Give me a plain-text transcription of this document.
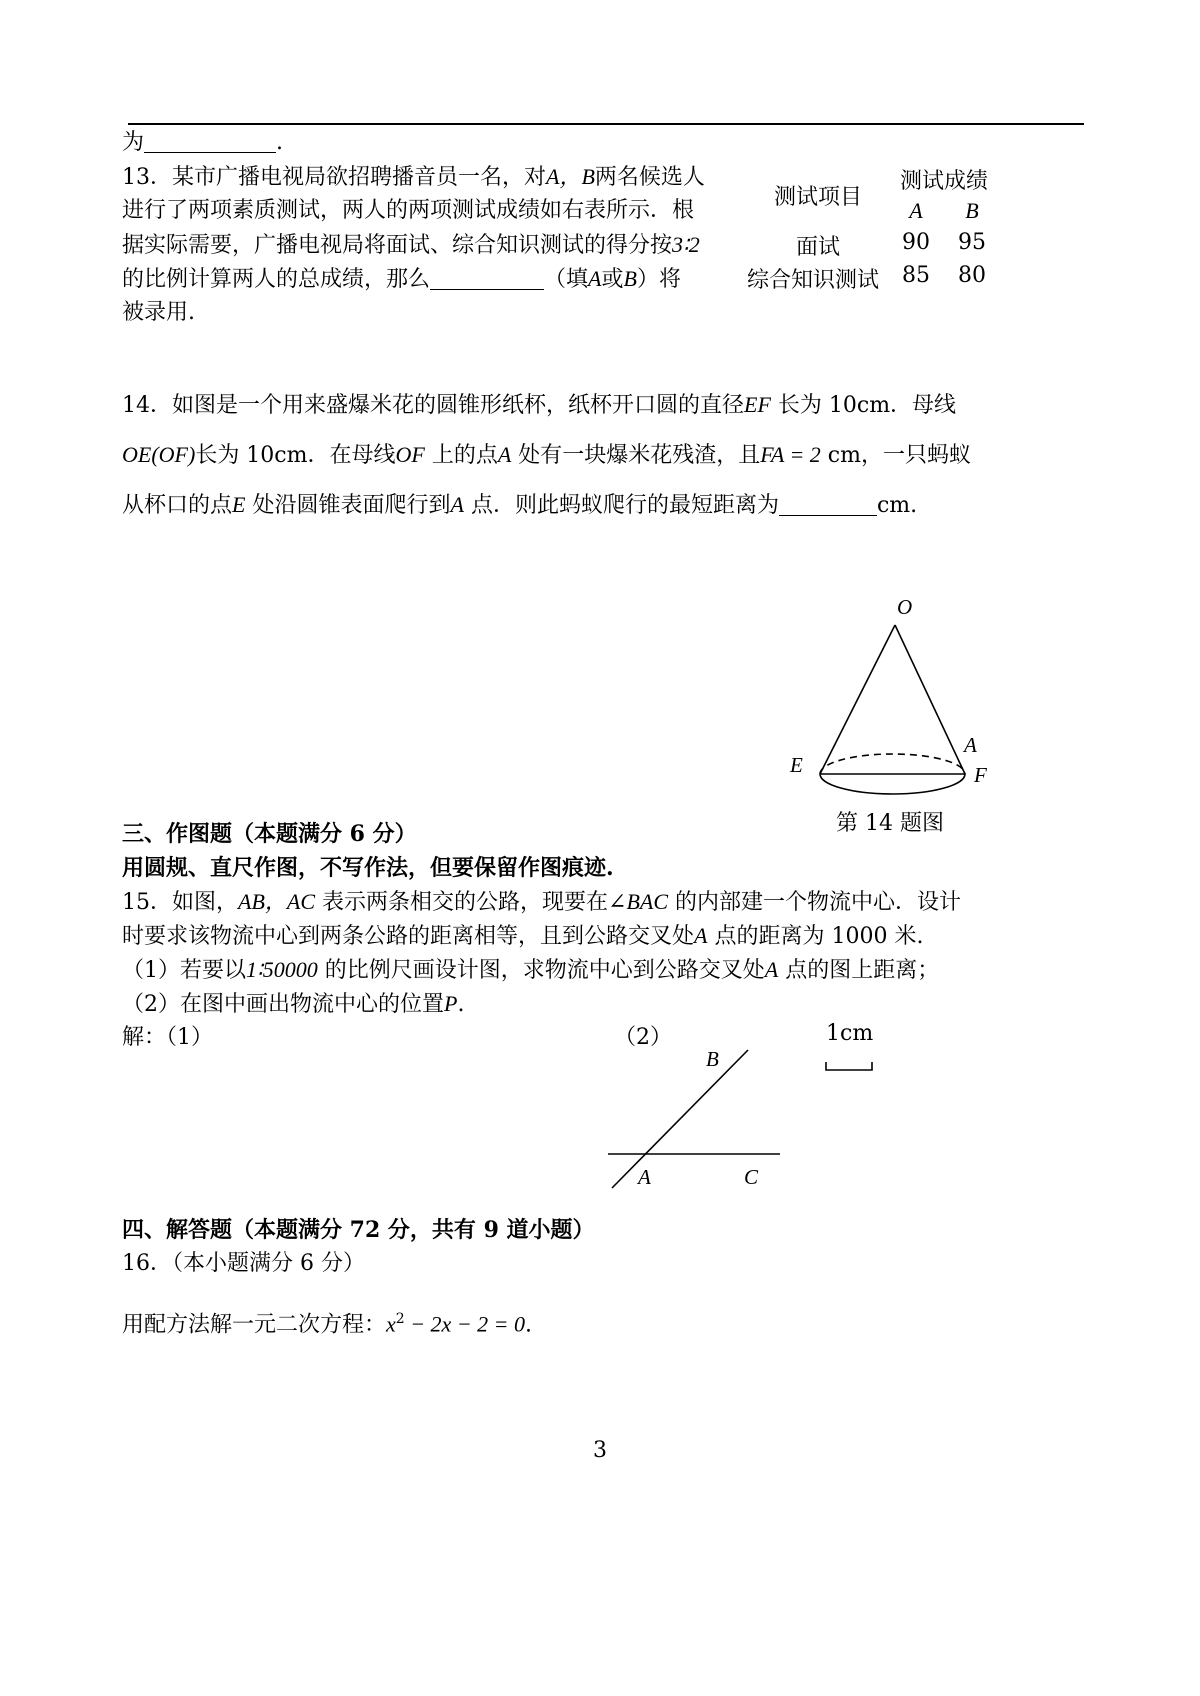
为	.
13．某市广播电视局欲招聘播音员一名，对A，B两名候选人
进行了两项素质测试，两人的两项测试成绩如右表所示．根
据实际需要，广播电视局将面试、综合知识测试的得分按3∶2
的比例计算两人的总成绩，那么	（填A或B）将
被录用.
测试项目
测试成绩
A	B
面试	90	95
综合知识测试	85	80
14．如图是一个用来盛爆米花的圆锥形纸杯，纸杯开口圆的直径EF 长为 10cm．母线
OE(OF)长为 10cm．在母线OF 上的点A 处有一块爆米花残渣，且FA = 2 cm，一只蚂蚁
从杯口的点E 处沿圆锥表面爬行到A 点．则此蚂蚁爬行的最短距离为	cm.
O
A
E	F
第 14 题图
三、作图题（本题满分 6 分）
用圆规、直尺作图，不写作法，但要保留作图痕迹.
15．如图，AB，AC 表示两条相交的公路，现要在∠BAC 的内部建一个物流中心．设计
时要求该物流中心到两条公路的距离相等，且到公路交叉处A 点的距离为 1000 米.
（1）若要以1∶50000 的比例尺画设计图，求物流中心到公路交叉处A 点的图上距离；
（2）在图中画出物流中心的位置P.
解：（1）	（2）
B
A	C
1cm
四、解答题（本题满分 72 分，共有 9 道小题）
16．（本小题满分 6 分）
用配方法解一元二次方程：$x^2 - 2x - 2 = 0$.
3
